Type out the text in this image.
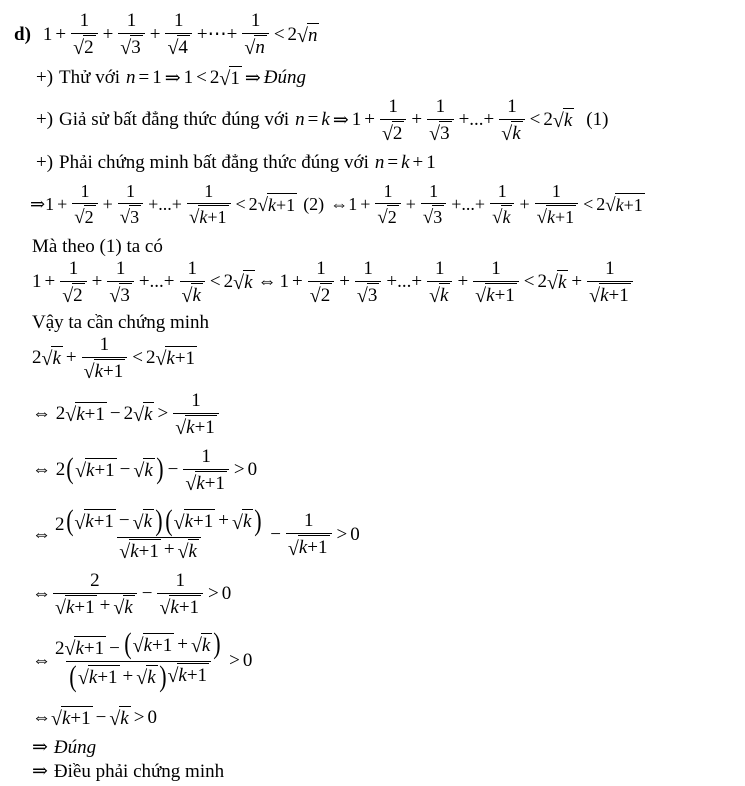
d) $1 + \frac{1}{√ 2} + \frac{1}{√ 3} + \frac{1}{√ 4}$ +⋯+ $\frac{1}{√ n} < 2$ √ n
+) Thử với n = 1 ⇒ 1 < 2 √ 1 ⇒ Đúng
+) Giả sử bất đẳng thức đúng với n = k ⇒ $1 + \frac{1}{√ 2} + \frac{1}{√ 3}$ +...+ $\frac{1}{√ k} < 2$ √ k (1)
+) Phải chứng minh bất đẳng thức đúng với n = k + 1
⇒1 + $\frac{1}{√ 2} + \frac{1}{√ 3}$ +...+ $\frac{1}{√ k +1} < 2$ √ k +1 (2) ⇔1 + $\frac{1}{√ 2} + \frac{1}{√ 3}$ +...+ $\frac{1}{√ k} + \frac{1}{√ k +1} < 2$ √ k +1
Mà theo (1) ta có
$1 + \frac{1}{√ 2} + \frac{1}{√ 3}$ +...+ $\frac{1}{√ k} < 2$ √ k ⇔ $1 + \frac{1}{√ 2} + \frac{1}{√ 3}$ +...+ $\frac{1}{√ k} + \frac{1}{√ k +1} < 2$ √ $k + \frac{1}{√ k +1}$
Vậy ta cần chứng minh
2 √ $k + \frac{1}{√ k +1} < 2$ √ k +1
⇔ 2 √ k +1 − 2 √ $k > \frac{1}{√ k +1}$
⇔ 2 ( √ k +1 − √ k ) − $\frac{1}{√ k +1} > 0$
⇔ $\frac{2 ( √ k +1 - √ k ) ( √ k +1 + √ k )}{√ k +1 + √ k} - \frac{1}{√ k +1} > 0$
⇔ $\frac{2}{√ k +1 + √ k} - \frac{1}{√ k +1} > 0$
⇔ $\frac{2 √ k +1 - ( √ k +1 + √ k )}{( √ k +1 + √ k ) √ k +1} > 0$
⇔ √ k +1 − √ k > 0
⇒ Đúng
⇒ Điều phải chứng minh
